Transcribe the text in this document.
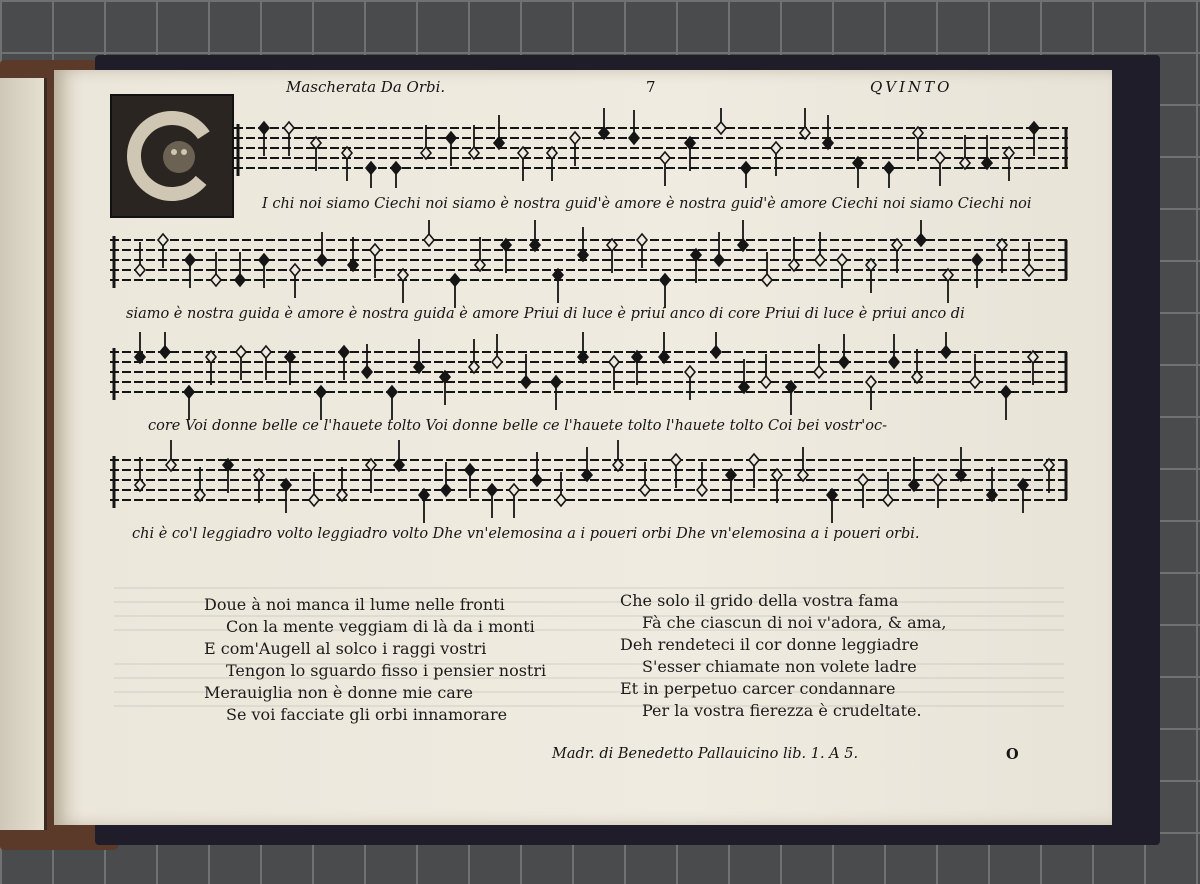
Mascherata Da Orbi.	7	QVINTO
I chi noi siamo Ciechi noi siamo è nostra guid'è amore è nostra guid'è amore Ciechi noi siamo Ciechi noi
siamo è nostra guida è amore è nostra guida è amore Priui di luce è priui anco di core Priui di luce è priui anco di
core Voi donne belle ce l'hauete tolto Voi donne belle ce l'hauete tolto l'hauete tolto Coi bei vostr'oc-
chi è co'l leggiadro volto leggiadro volto Dhe vn'elemosina a i poueri orbi Dhe vn'elemosina a i poueri orbi.
Doue à noi manca il lume nelle fronti
Con la mente veggiam di là da i monti
E com'Augell al solco i raggi vostri
Tengon lo sguardo fisso i pensier nostri
Merauiglia non è donne mie care
Se voi facciate gli orbi innamorare
Che solo il grido della vostra fama
Fà che ciascun di noi v'adora, & ama,
Deh rendeteci il cor donne leggiadre
S'esser chiamate non volete ladre
Et in perpetuo carcer condannare
Per la vostra fierezza è crudeltate.
Madr. di Benedetto Pallauicino lib. 1. A 5.	O
